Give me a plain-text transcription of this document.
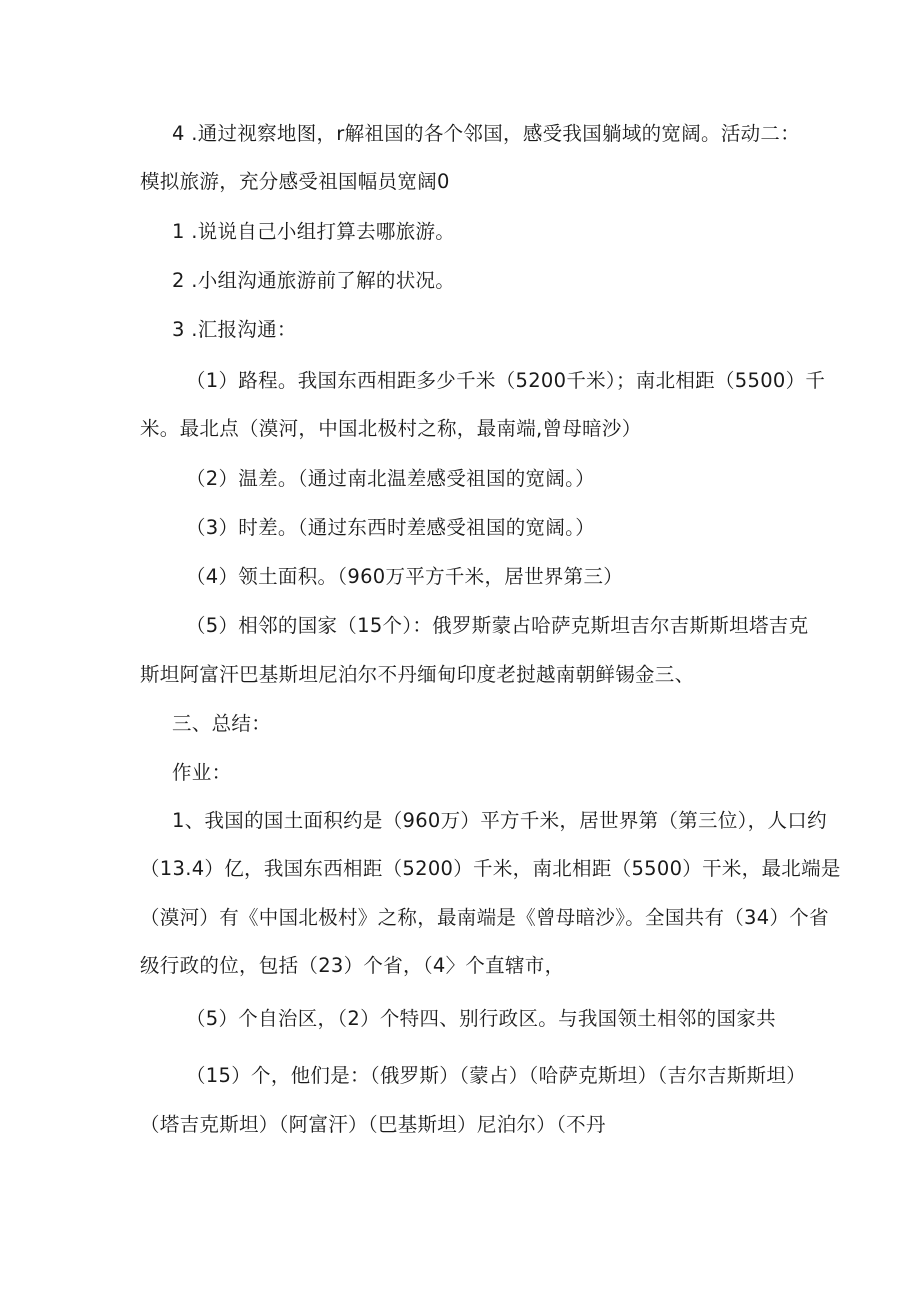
4 .通过视察地图，r解祖国的各个邻国，感受我国躺域的宽阔。活动二：
模拟旅游，充分感受祖国幅员宽阔0
1 .说说自己小组打算去哪旅游。
2 .小组沟通旅游前了解的状况。
3 .汇报沟通：
（1）路程。我国东西相距多少千米（5200千米）；南北相距（5500）千
米。最北点（漠河，中国北极村之称，最南端,曾母暗沙）
（2）温差。（通过南北温差感受祖国的宽阔。）
（3）时差。（通过东西时差感受祖国的宽阔。）
（4）领土面积。（960万平方千米，居世界第三）
（5）相邻的国家（15个）：俄罗斯蒙占哈萨克斯坦吉尔吉斯斯坦塔吉克
斯坦阿富汗巴基斯坦尼泊尔不丹缅甸印度老挝越南朝鲜锡金三、
三、总结：
作业：
1、我国的国土面积约是（960万）平方千米，居世界第（第三位），人口约
（13.4）亿，我国东西相距（5200）千米，南北相距（5500）干米，最北端是
（漠河）有《中国北极村》之称，最南端是《曾母暗沙》。全国共有（34）个省
级行政的位，包括（23）个省，（4〉个直辖市，
（5）个自治区，（2）个特四、别行政区。与我国领土相邻的国家共
（15）个，他们是：（俄罗斯）（蒙占）（哈萨克斯坦）（吉尔吉斯斯坦）
（塔吉克斯坦）（阿富汗）（巴基斯坦）尼泊尔）（不丹
